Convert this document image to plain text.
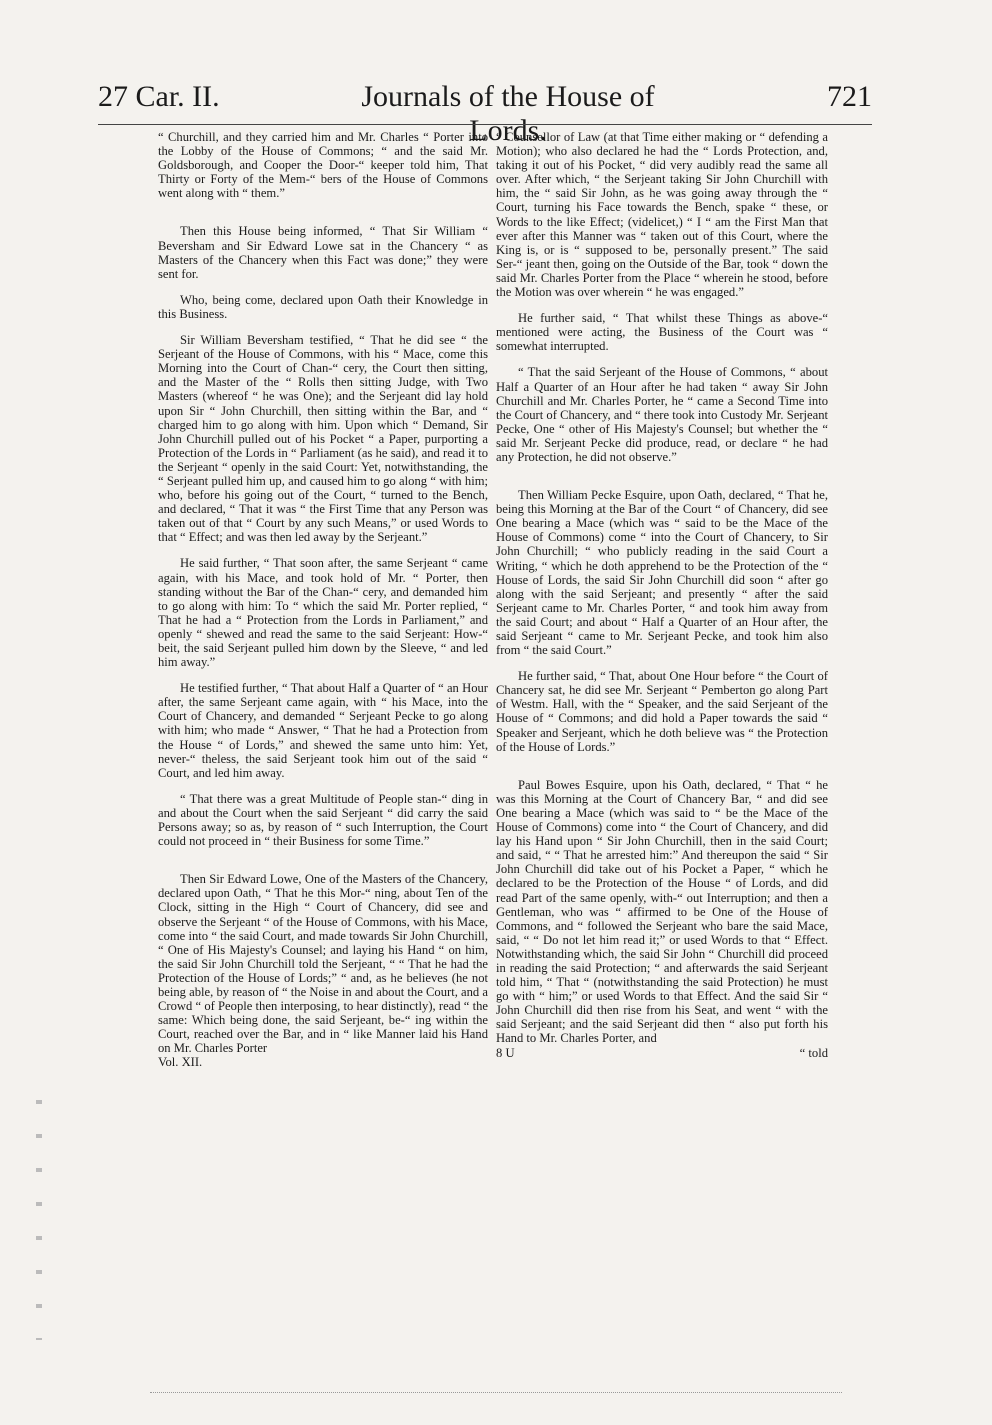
27 Car. II.	Journals of the House of Lords.
721

“ Churchill, and they carried him and Mr. Charles “ Porter into the Lobby of the House of Commons; “ and the said Mr. Goldsborough, and Cooper the Door-“ keeper told him, That Thirty or Forty of the Mem-“ bers of the House of Commons went along with “ them.”

Then this House being informed, “ That Sir William “ Beversham and Sir Edward Lowe sat in the Chancery “ as Masters of the Chancery when this Fact was done;” they were sent for.

Who, being come, declared upon Oath their Knowledge in this Business.

Sir William Beversham testified, “ That he did see “ the Serjeant of the House of Commons, with his “ Mace, come this Morning into the Court of Chan-“ cery, the Court then sitting, and the Master of the “ Rolls then sitting Judge, with Two Masters (whereof “ he was One); and the Serjeant did lay hold upon Sir “ John Churchill, then sitting within the Bar, and “ charged him to go along with him. Upon which “ Demand, Sir John Churchill pulled out of his Pocket “ a Paper, purporting a Protection of the Lords in “ Parliament (as he said), and read it to the Serjeant “ openly in the said Court: Yet, notwithstanding, the “ Serjeant pulled him up, and caused him to go along “ with him; who, before his going out of the Court, “ turned to the Bench, and declared, “ That it was “ the First Time that any Person was taken out of that “ Court by any such Means,” or used Words to that “ Effect; and was then led away by the Serjeant.”

He said further, “ That soon after, the same Serjeant “ came again, with his Mace, and took hold of Mr. “ Porter, then standing without the Bar of the Chan-“ cery, and demanded him to go along with him: To “ which the said Mr. Porter replied, “ That he had a “ Protection from the Lords in Parliament,” and openly “ shewed and read the same to the said Serjeant: How-“ beit, the said Serjeant pulled him down by the Sleeve, “ and led him away.”

He testified further, “ That about Half a Quarter of “ an Hour after, the same Serjeant came again, with “ his Mace, into the Court of Chancery, and demanded “ Serjeant Pecke to go along with him; who made “ Answer, “ That he had a Protection from the House “ of Lords,” and shewed the same unto him: Yet, never-“ theless, the said Serjeant took him out of the said “ Court, and led him away.

“ That there was a great Multitude of People stan-“ ding in and about the Court when the said Serjeant “ did carry the said Persons away; so as, by reason of “ such Interruption, the Court could not proceed in “ their Business for some Time.”

Then Sir Edward Lowe, One of the Masters of the Chancery, declared upon Oath, “ That he this Mor-“ ning, about Ten of the Clock, sitting in the High “ Court of Chancery, did see and observe the Serjeant “ of the House of Commons, with his Mace, come into “ the said Court, and made towards Sir John Churchill, “ One of His Majesty's Counsel; and laying his Hand “ on him, the said Sir John Churchill told the Serjeant, “ “ That he had the Protection of the House of Lords;” “ and, as he believes (he not being able, by reason of “ the Noise in and about the Court, and a Crowd “ of People then interposing, to hear distinctly), read “ the same: Which being done, the said Serjeant, be-“ ing within the Court, reached over the Bar, and in “ like Manner laid his Hand on Mr. Charles Porter

Vol. XII.

“ Counsellor of Law (at that Time either making or “ defending a Motion); who also declared he had the “ Lords Protection, and, taking it out of his Pocket, “ did very audibly read the same all over. After which, “ the Serjeant taking Sir John Churchill with him, the “ said Sir John, as he was going away through the “ Court, turning his Face towards the Bench, spake “ these, or Words to the like Effect; (videlicet,) “ I “ am the First Man that ever after this Manner was “ taken out of this Court, where the King is, or is “ supposed to be, personally present.” The said Ser-“ jeant then, going on the Outside of the Bar, took “ down the said Mr. Charles Porter from the Place “ wherein he stood, before the Motion was over wherein “ he was engaged.”

He further said, “ That whilst these Things as above-“ mentioned were acting, the Business of the Court was “ somewhat interrupted.

“ That the said Serjeant of the House of Commons, “ about Half a Quarter of an Hour after he had taken “ away Sir John Churchill and Mr. Charles Porter, he “ came a Second Time into the Court of Chancery, and “ there took into Custody Mr. Serjeant Pecke, One “ other of His Majesty's Counsel; but whether the “ said Mr. Serjeant Pecke did produce, read, or declare “ he had any Protection, he did not observe.”

Then William Pecke Esquire, upon Oath, declared, “ That he, being this Morning at the Bar of the Court “ of Chancery, did see One bearing a Mace (which was “ said to be the Mace of the House of Commons) come “ into the Court of Chancery, to Sir John Churchill; “ who publicly reading in the said Court a Writing, “ which he doth apprehend to be the Protection of the “ House of Lords, the said Sir John Churchill did soon “ after go along with the said Serjeant; and presently “ after the said Serjeant came to Mr. Charles Porter, “ and took him away from the said Court; and about “ Half a Quarter of an Hour after, the said Serjeant “ came to Mr. Serjeant Pecke, and took him also from “ the said Court.”

He further said, “ That, about One Hour before “ the Court of Chancery sat, he did see Mr. Serjeant “ Pemberton go along Part of Westm. Hall, with the “ Speaker, and the said Serjeant of the House of “ Commons; and did hold a Paper towards the said “ Speaker and Serjeant, which he doth believe was “ the Protection of the House of Lords.”

Paul Bowes Esquire, upon his Oath, declared, “ That “ he was this Morning at the Court of Chancery Bar, “ and did see One bearing a Mace (which was said to “ be the Mace of the House of Commons) come into “ the Court of Chancery, and did lay his Hand upon “ Sir John Churchill, then in the said Court; and said, “ “ That he arrested him:” And thereupon the said “ Sir John Churchill did take out of his Pocket a Paper, “ which he declared to be the Protection of the House “ of Lords, and did read Part of the same openly, with-“ out Interruption; and then a Gentleman, who was “ affirmed to be One of the House of Commons, and “ followed the Serjeant who bare the said Mace, said, “ “ Do not let him read it;” or used Words to that “ Effect. Notwithstanding which, the said Sir John “ Churchill did proceed in reading the said Protection; “ and afterwards the said Serjeant told him, “ That “ (notwithstanding the said Protection) he must go with “ him;” or used Words to that Effect. And the said Sir “ John Churchill did then rise from his Seat, and went “ with the said Serjeant; and the said Serjeant did then “ also put forth his Hand to Mr. Charles Porter, and

8 U	“ told
